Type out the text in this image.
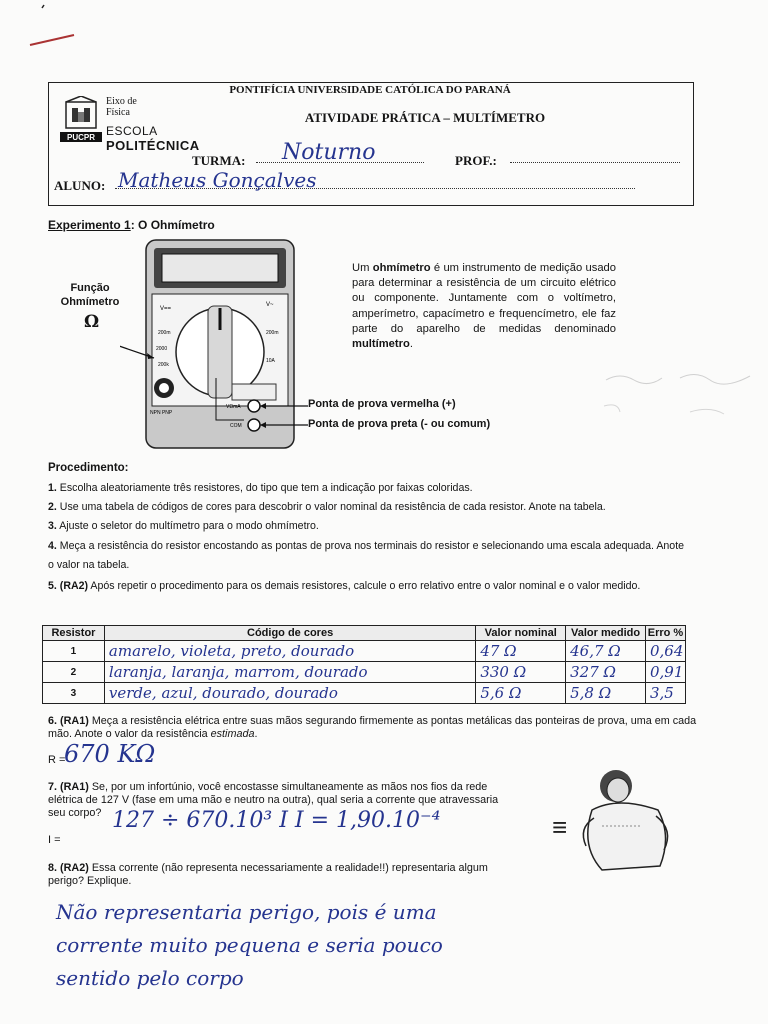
PONTIFÍCIA UNIVERSIDADE CATÓLICA DO PARANÁ
ATIVIDADE PRÁTICA – MULTÍMETRO
PUCPR
Eixo de
Física
ESCOLA
POLITÉCNICA
TURMA: Noturno	PROF.:
ALUNO: Matheus Gonçalves
Experimento 1: O Ohmímetro
Função
Ohmímetro
Ω
V==
V~
200m
2000
200k
200m
10A
NPN PNP
VΩmA
COM
Um ohmímetro é um instrumento de medição usado para determinar a resistência de um circuito elétrico ou componente. Juntamente com o voltímetro, amperímetro, capacímetro e frequencímetro, ele faz parte do aparelho de medidas denominado multímetro.
Ponta de prova vermelha (+)
Ponta de prova preta (- ou comum)
Procedimento:
1. Escolha aleatoriamente três resistores, do tipo que tem a indicação por faixas coloridas.
2. Use uma tabela de códigos de cores para descobrir o valor nominal da resistência de cada resistor. Anote na tabela.
3. Ajuste o seletor do multímetro para o modo ohmímetro.
4. Meça a resistência do resistor encostando as pontas de prova nos terminais do resistor e selecionando uma escala adequada. Anote o valor na tabela.
5. (RA2) Após repetir o procedimento para os demais resistores, calcule o erro relativo entre o valor nominal e o valor medido.
Resistor	Código de cores	Valor nominal	Valor medido	Erro %
1	amarelo, violeta, preto, dourado	47 Ω	46,7 Ω	0,64
2	laranja, laranja, marrom, dourado	330 Ω	327 Ω	0,91
3	verde, azul, dourado, dourado	5,6 Ω	5,8 Ω	3,5
6. (RA1) Meça a resistência elétrica entre suas mãos segurando firmemente as pontas metálicas das ponteiras de prova, uma em cada mão. Anote o valor da resistência estimada.
R =
670 KΩ
7. (RA1) Se, por um infortúnio, você encostasse simultaneamente as mãos nos fios da rede elétrica de 127 V (fase em uma mão e neutro na outra), qual seria a corrente que atravessaria seu corpo?
I =
127 ÷ 670.10³ I I = 1,90.10⁻⁴	≡
8. (RA2) Essa corrente (não representa necessariamente a realidade!!) representaria algum perigo? Explique.
Não representaria perigo, pois é uma
corrente muito pequena e seria pouco
sentido pelo corpo
